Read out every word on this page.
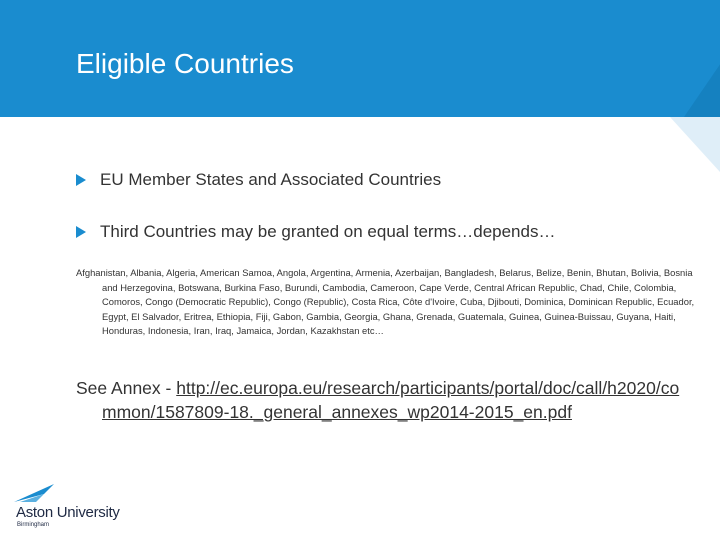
Eligible Countries
EU Member States and Associated Countries
Third Countries may be granted on equal terms…depends…
Afghanistan, Albania, Algeria, American Samoa, Angola, Argentina, Armenia, Azerbaijan, Bangladesh, Belarus, Belize, Benin, Bhutan, Bolivia, Bosnia and Herzegovina, Botswana, Burkina Faso, Burundi, Cambodia, Cameroon, Cape Verde, Central African Republic, Chad, Chile, Colombia, Comoros, Congo (Democratic Republic), Congo (Republic), Costa Rica, Côte d'Ivoire, Cuba, Djibouti, Dominica, Dominican Republic, Ecuador, Egypt, El Salvador, Eritrea, Ethiopia, Fiji, Gabon, Gambia, Georgia, Ghana, Grenada, Guatemala, Guinea, Guinea-Buissau, Guyana, Haiti, Honduras, Indonesia, Iran, Iraq, Jamaica, Jordan, Kazakhstan etc…
See Annex - http://ec.europa.eu/research/participants/portal/doc/call/h2020/common/1587809-18._general_annexes_wp2014-2015_en.pdf
Aston University
Birmingham
